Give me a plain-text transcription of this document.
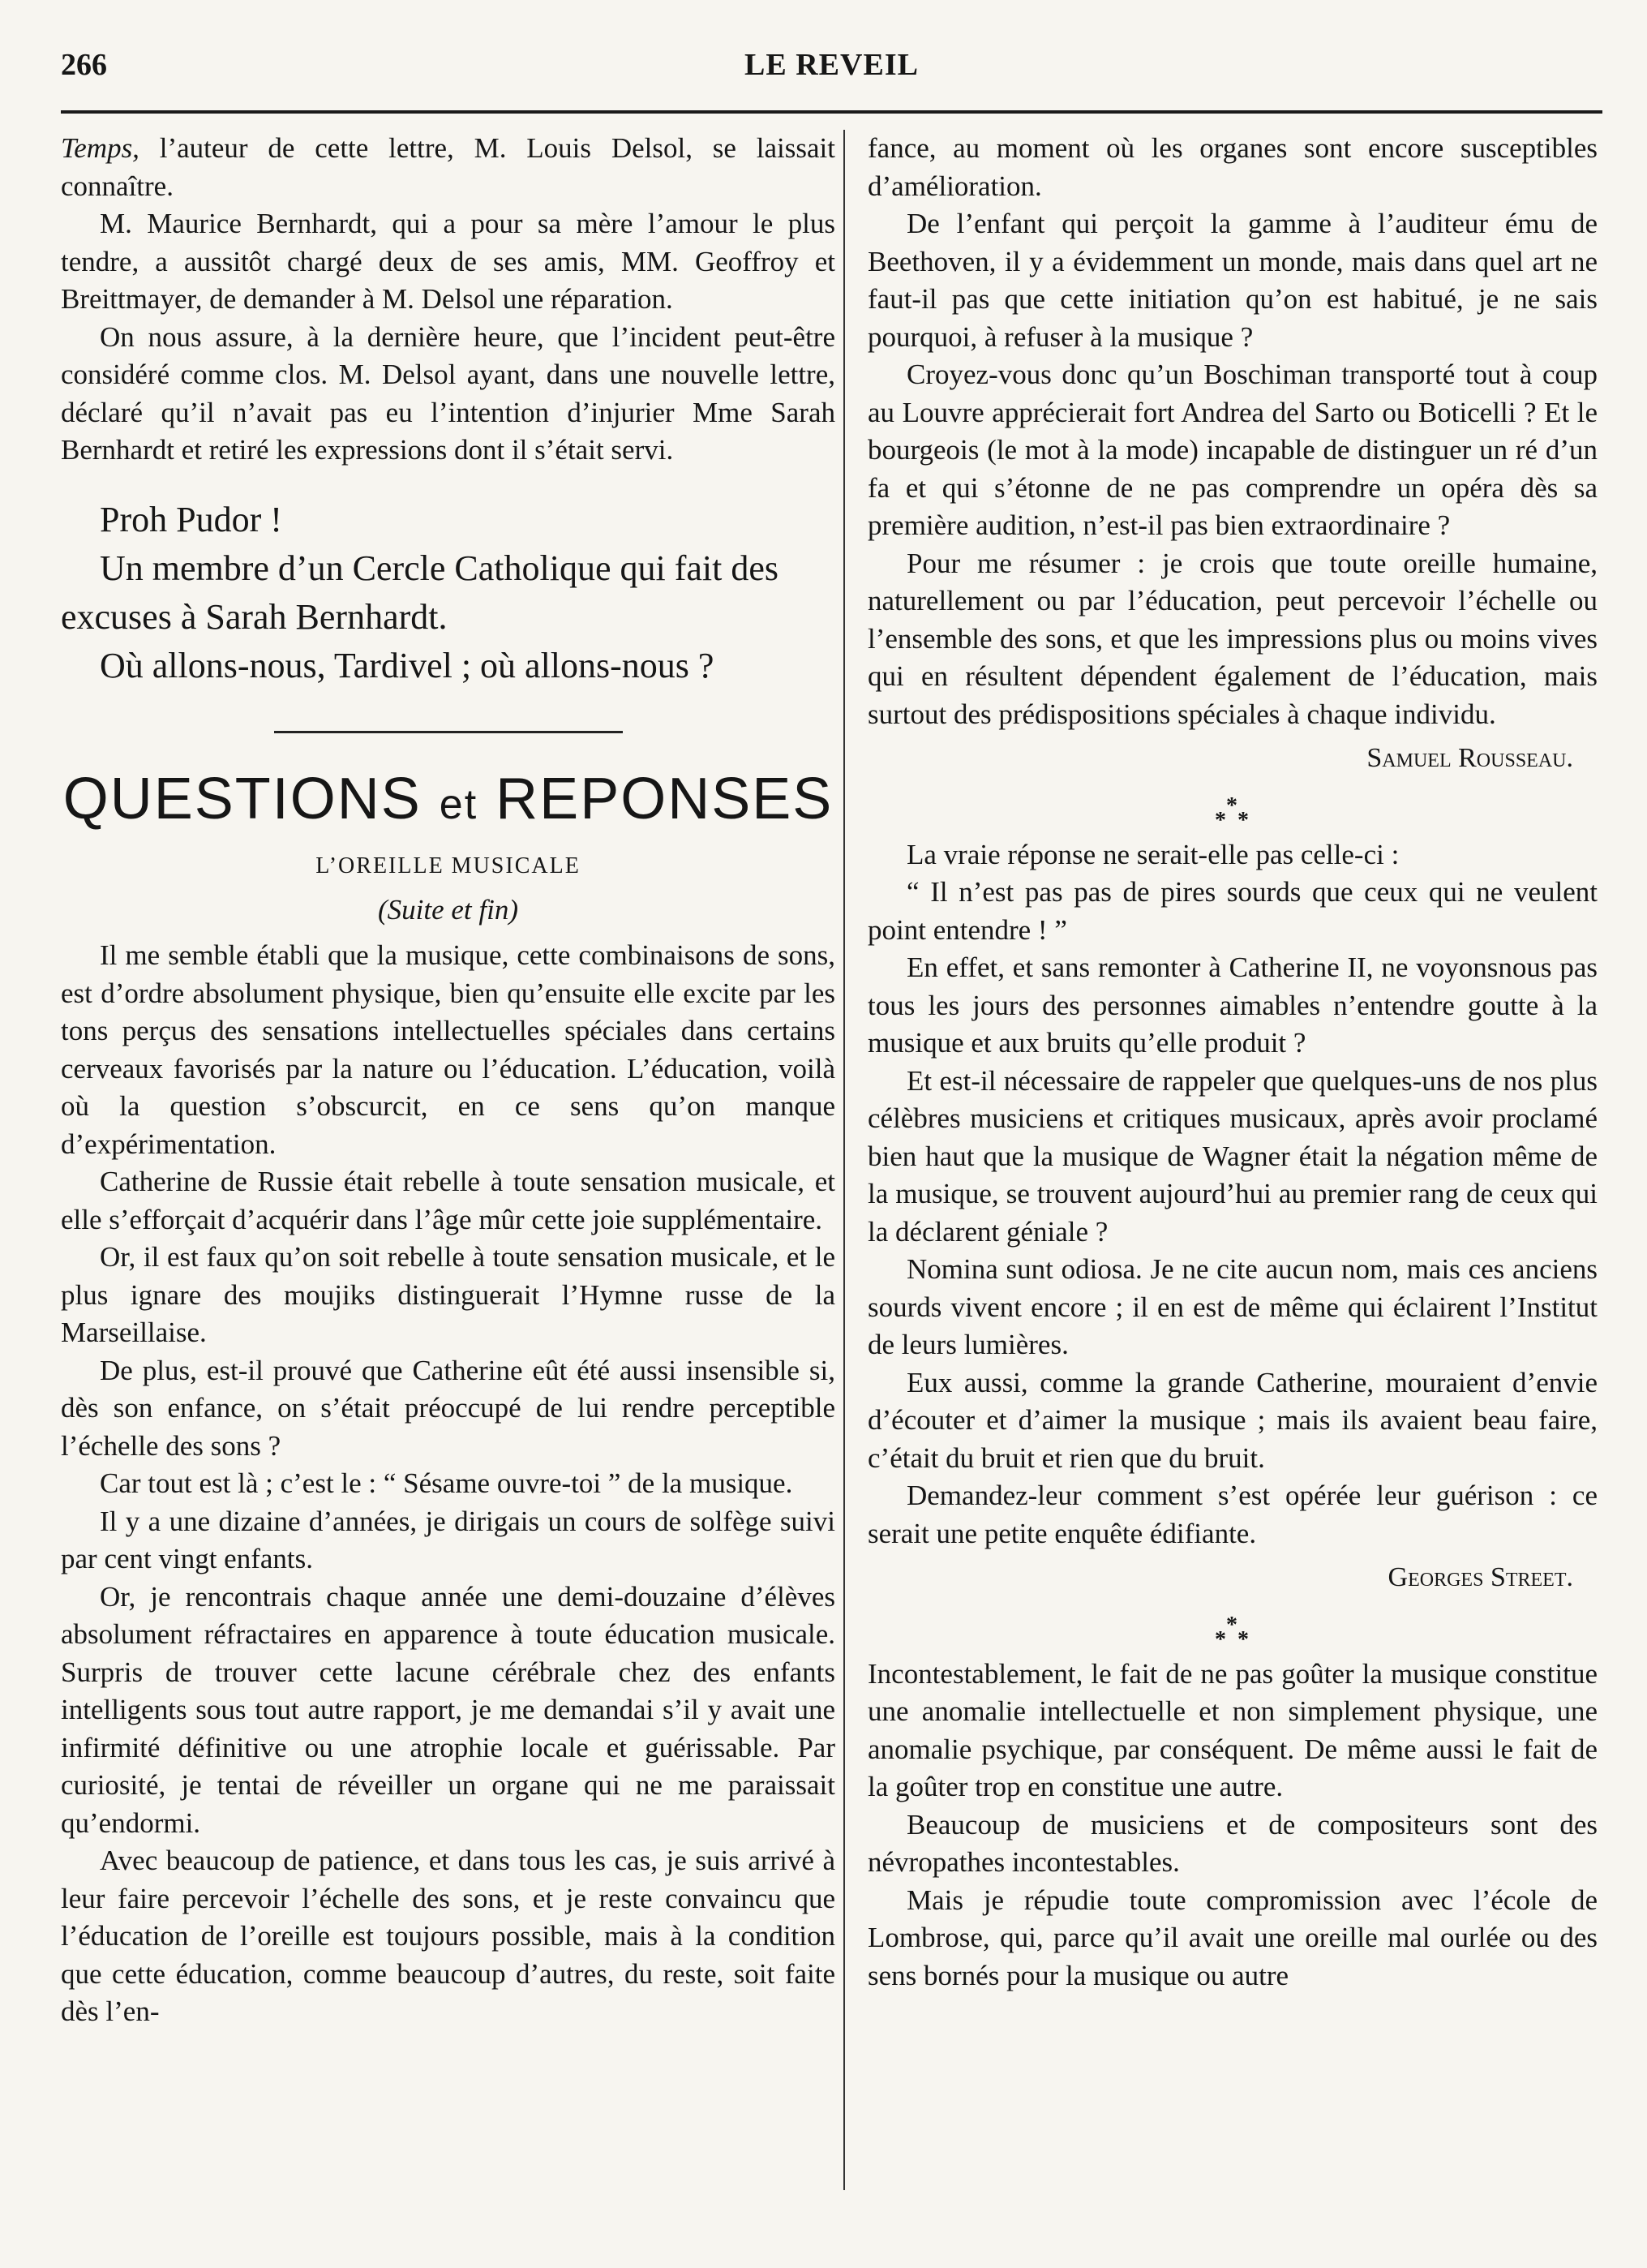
266	LE REVEIL

Temps, l’auteur de cette lettre, M. Louis Delsol, se laissait connaître.

M. Maurice Bernhardt, qui a pour sa mère l’amour le plus tendre, a aussitôt chargé deux de ses amis, MM. Geoffroy et Breittmayer, de demander à M. Delsol une réparation.

On nous assure, à la dernière heure, que l’incident peut-être considéré comme clos. M. Delsol ayant, dans une nouvelle lettre, déclaré qu’il n’avait pas eu l’intention d’injurier Mme Sarah Bernhardt et retiré les expressions dont il s’était servi.

Proh Pudor !

Un membre d’un Cercle Catholique qui fait des excuses à Sarah Bernhardt.

Où allons-nous, Tardivel ; où allons-nous ?

QUESTIONS et REPONSES
L’OREILLE MUSICALE
(Suite et fin)

Il me semble établi que la musique, cette combinaisons de sons, est d’ordre absolument physique, bien qu’ensuite elle excite par les tons perçus des sensations intellectuelles spéciales dans certains cerveaux favorisés par la nature ou l’éducation. L’éducation, voilà où la question s’obscurcit, en ce sens qu’on manque d’expérimentation.

Catherine de Russie était rebelle à toute sensation musicale, et elle s’efforçait d’acquérir dans l’âge mûr cette joie supplémentaire.

Or, il est faux qu’on soit rebelle à toute sensation musicale, et le plus ignare des moujiks distinguerait l’Hymne russe de la Marseillaise.

De plus, est-il prouvé que Catherine eût été aussi insensible si, dès son enfance, on s’était préoccupé de lui rendre perceptible l’échelle des sons ?

Car tout est là ; c’est le : “ Sésame ouvre-toi ” de la musique.

Il y a une dizaine d’années, je dirigais un cours de solfège suivi par cent vingt enfants.

Or, je rencontrais chaque année une demi-douzaine d’élèves absolument réfractaires en apparence à toute éducation musicale. Surpris de trouver cette lacune cérébrale chez des enfants intelligents sous tout autre rapport, je me demandai s’il y avait une infirmité définitive ou une atrophie locale et guérissable. Par curiosité, je tentai de réveiller un organe qui ne me paraissait qu’endormi.

Avec beaucoup de patience, et dans tous les cas, je suis arrivé à leur faire percevoir l’échelle des sons, et je reste convaincu que l’éducation de l’oreille est toujours possible, mais à la condition que cette éducation, comme beaucoup d’autres, du reste, soit faite dès l’en-

fance, au moment où les organes sont encore susceptibles d’amélioration.

De l’enfant qui perçoit la gamme à l’auditeur ému de Beethoven, il y a évidemment un monde, mais dans quel art ne faut-il pas que cette initiation qu’on est habitué, je ne sais pourquoi, à refuser à la musique ?

Croyez-vous donc qu’un Boschiman transporté tout à coup au Louvre apprécierait fort Andrea del Sarto ou Boticelli ? Et le bourgeois (le mot à la mode) incapable de distinguer un ré d’un fa et qui s’étonne de ne pas comprendre un opéra dès sa première audition, n’est-il pas bien extraordinaire ?

Pour me résumer : je crois que toute oreille humaine, naturellement ou par l’éducation, peut percevoir l’échelle ou l’ensemble des sons, et que les impressions plus ou moins vives qui en résultent dépendent également de l’éducation, mais surtout des prédispositions spéciales à chaque individu.

Samuel Rousseau.
*
* *

La vraie réponse ne serait-elle pas celle-ci :

“ Il n’est pas pas de pires sourds que ceux qui ne veulent point entendre ! ”

En effet, et sans remonter à Catherine II, ne voyonsnous pas tous les jours des personnes aimables n’entendre goutte à la musique et aux bruits qu’elle produit ?

Et est-il nécessaire de rappeler que quelques-uns de nos plus célèbres musiciens et critiques musicaux, après avoir proclamé bien haut que la musique de Wagner était la négation même de la musique, se trouvent aujourd’hui au premier rang de ceux qui la déclarent géniale ?

Nomina sunt odiosa. Je ne cite aucun nom, mais ces anciens sourds vivent encore ; il en est de même qui éclairent l’Institut de leurs lumières.

Eux aussi, comme la grande Catherine, mouraient d’envie d’écouter et d’aimer la musique ; mais ils avaient beau faire, c’était du bruit et rien que du bruit.

Demandez-leur comment s’est opérée leur guérison : ce serait une petite enquête édifiante.

Georges Street.
*
* *

Incontestablement, le fait de ne pas goûter la musique constitue une anomalie intellectuelle et non simplement physique, une anomalie psychique, par conséquent. De même aussi le fait de la goûter trop en constitue une autre.

Beaucoup de musiciens et de compositeurs sont des névropathes incontestables.

Mais je répudie toute compromission avec l’école de Lombrose, qui, parce qu’il avait une oreille mal ourlée ou des sens bornés pour la musique ou autre
